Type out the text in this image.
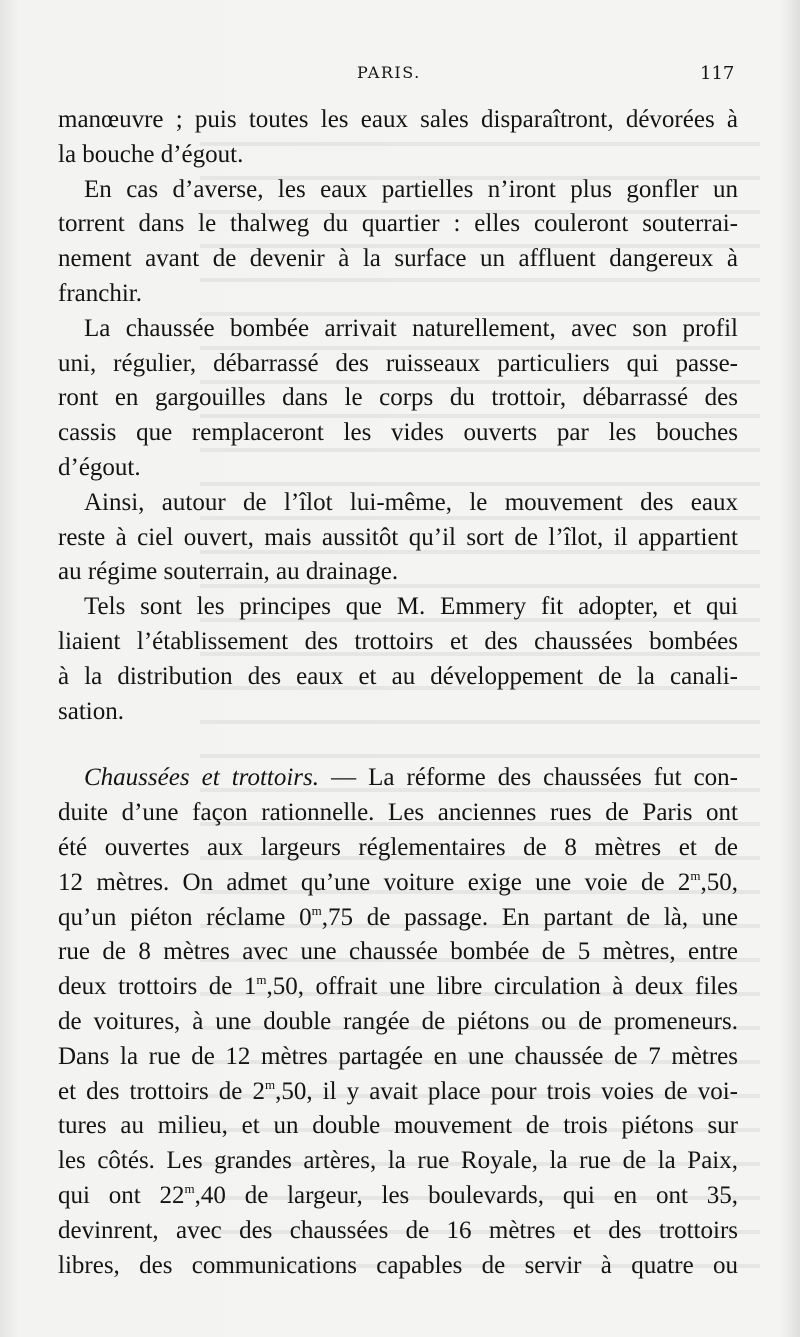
PARIS.	117
manœuvre ; puis toutes les eaux sales disparaîtront, dévorées à
la bouche d’égout.
En cas d’averse, les eaux partielles n’iront plus gonfler un
torrent dans le thalweg du quartier : elles couleront souterrai-
nement avant de devenir à la surface un affluent dangereux à
franchir.
La chaussée bombée arrivait naturellement, avec son profil
uni, régulier, débarrassé des ruisseaux particuliers qui passe-
ront en gargouilles dans le corps du trottoir, débarrassé des
cassis que remplaceront les vides ouverts par les bouches
d’égout.
Ainsi, autour de l’îlot lui-même, le mouvement des eaux
reste à ciel ouvert, mais aussitôt qu’il sort de l’îlot, il appartient
au régime souterrain, au drainage.
Tels sont les principes que M. Emmery fit adopter, et qui
liaient l’établissement des trottoirs et des chaussées bombées
à la distribution des eaux et au développement de la canali-
sation.
Chaussées et trottoirs. — La réforme des chaussées fut con-
duite d’une façon rationnelle. Les anciennes rues de Paris ont
été ouvertes aux largeurs réglementaires de 8 mètres et de
12 mètres. On admet qu’une voiture exige une voie de 2$^m$,50,
qu’un piéton réclame 0$^m$,75 de passage. En partant de là, une
rue de 8 mètres avec une chaussée bombée de 5 mètres, entre
deux trottoirs de 1$^m$,50, offrait une libre circulation à deux files
de voitures, à une double rangée de piétons ou de promeneurs.
Dans la rue de 12 mètres partagée en une chaussée de 7 mètres
et des trottoirs de 2$^m$,50, il y avait place pour trois voies de voi-
tures au milieu, et un double mouvement de trois piétons sur
les côtés. Les grandes artères, la rue Royale, la rue de la Paix,
qui ont 22$^m$,40 de largeur, les boulevards, qui en ont 35,
devinrent, avec des chaussées de 16 mètres et des trottoirs
libres, des communications capables de servir à quatre ou
